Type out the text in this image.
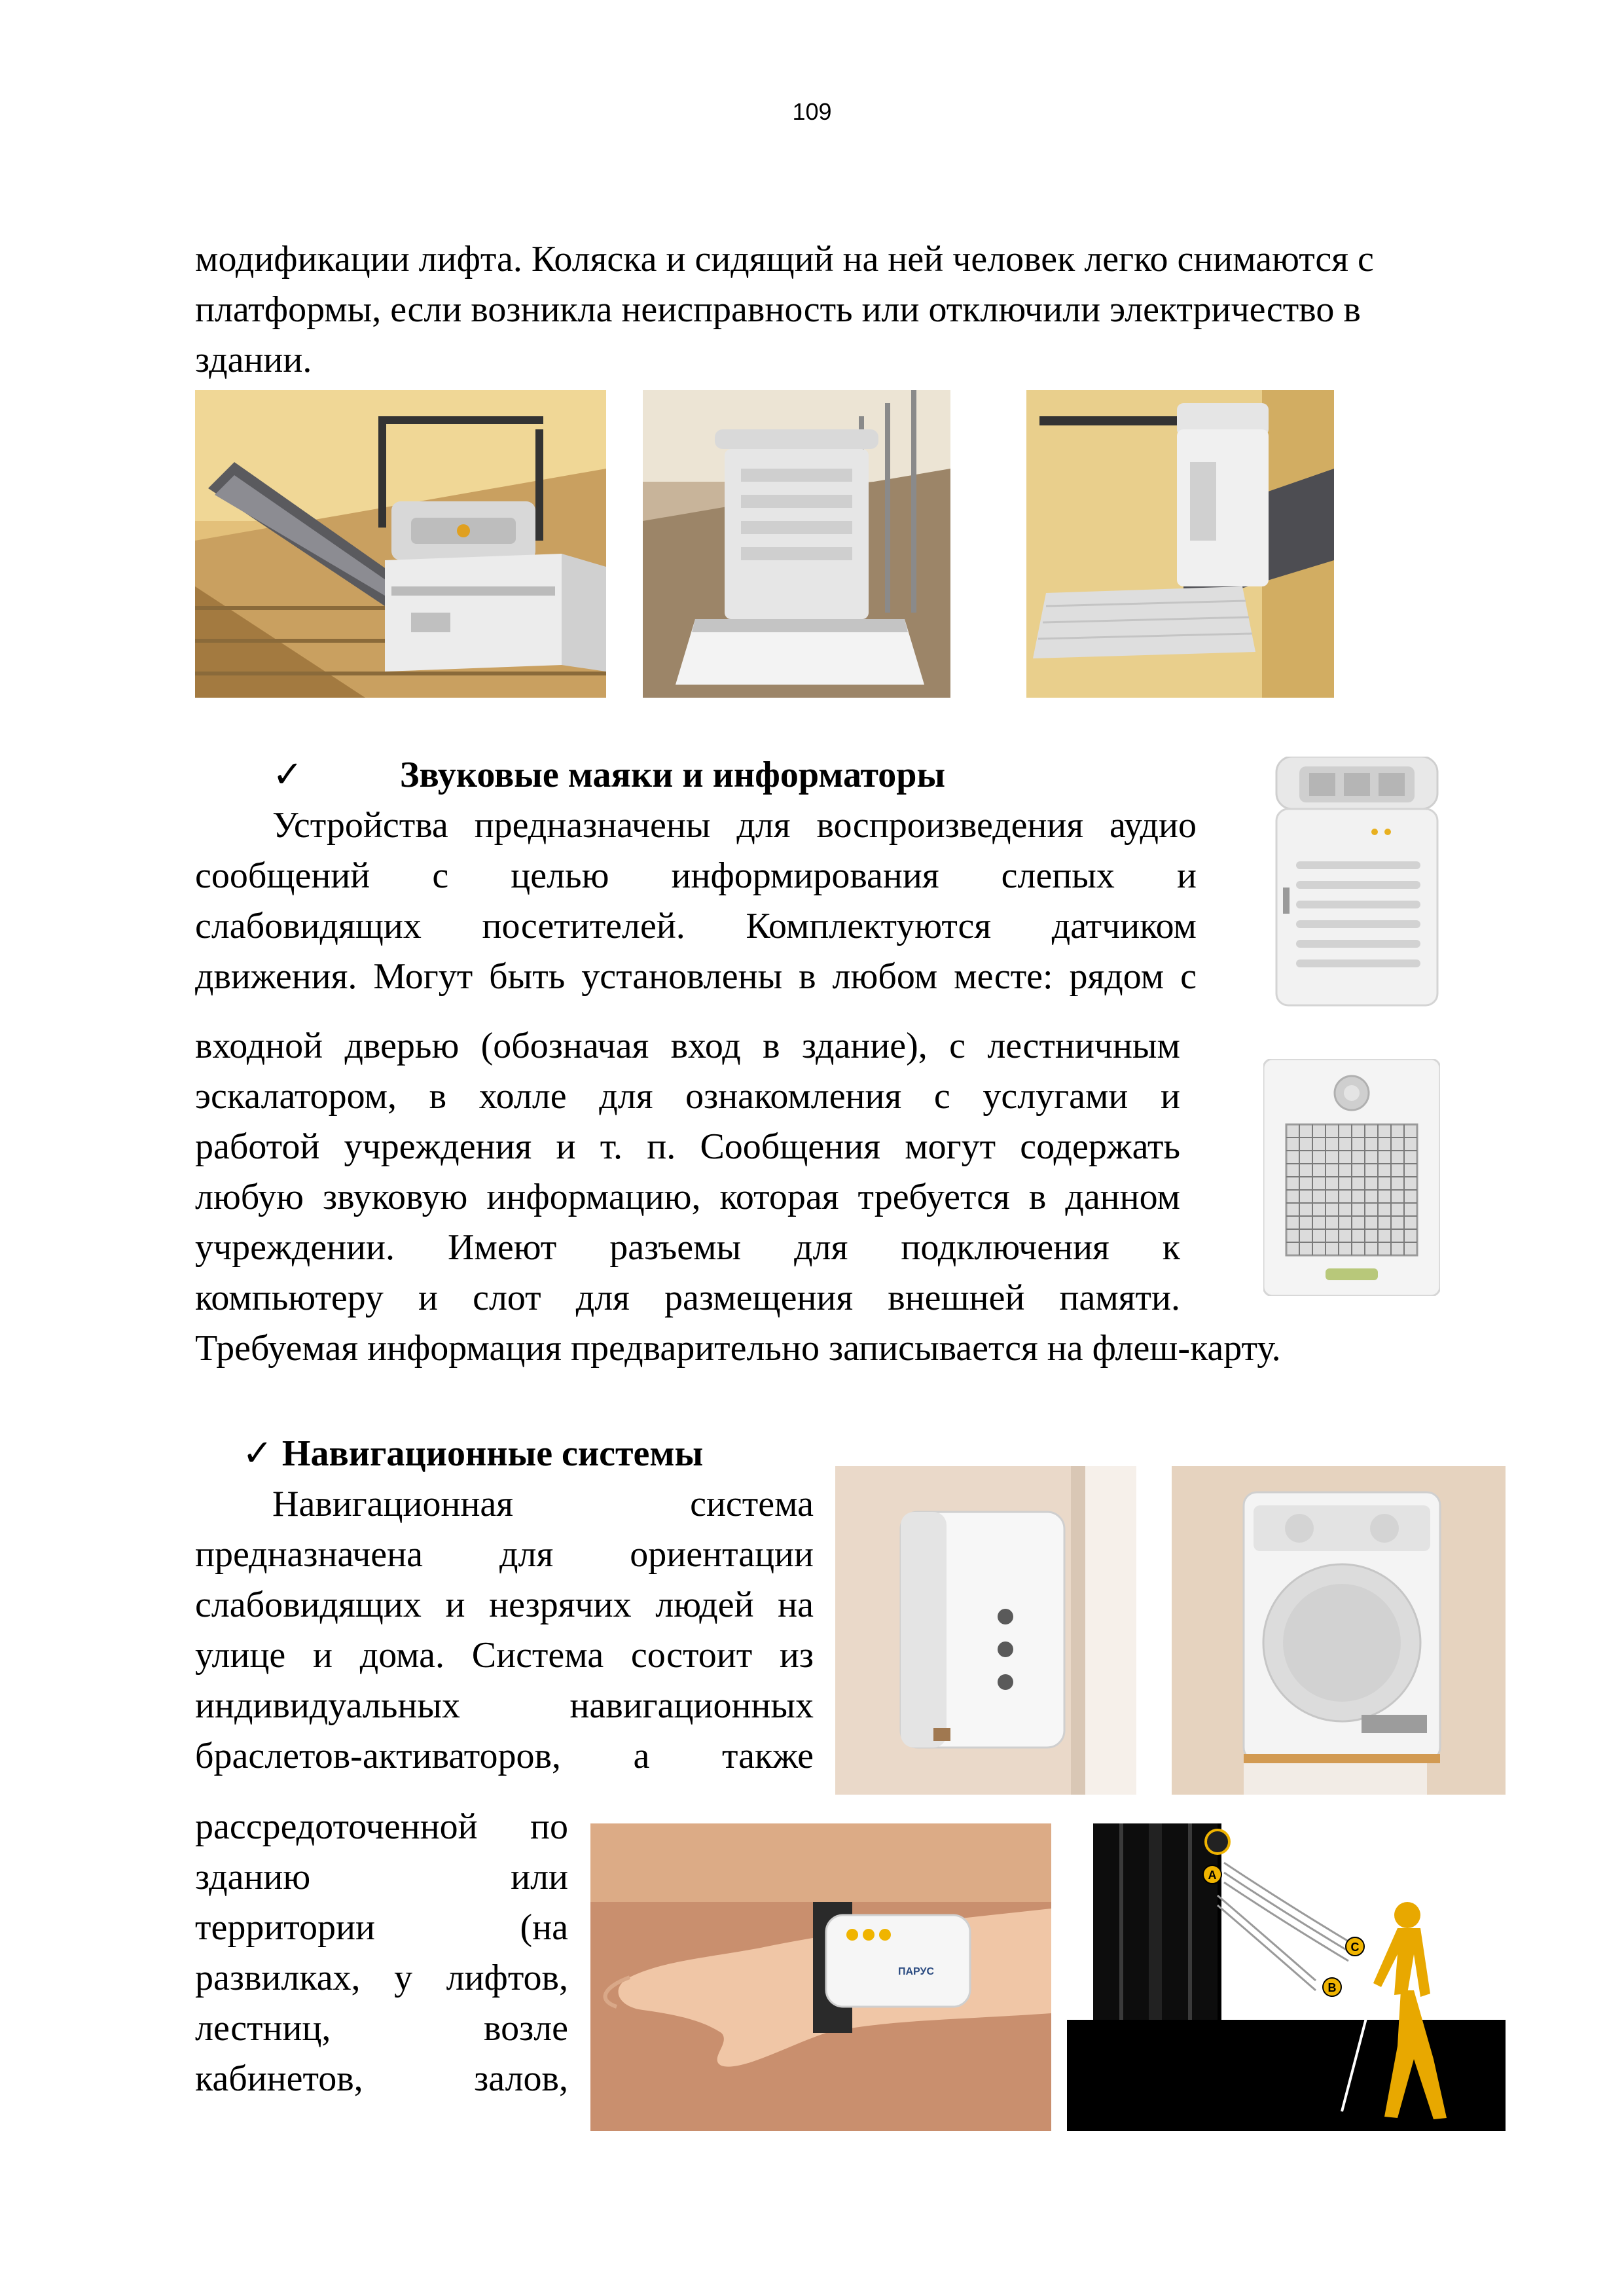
109
модификации лифта. Коляска и сидящий на ней человек легко снимаются с
платформы, если возникла неисправность или отключили электричество в
здании.
✓	Звуковые маяки и информаторы
Устройства предназначены для воспроизведения аудио
сообщений с целью информирования слепых и
слабовидящих посетителей. Комплектуются датчиком
движения. Могут быть установлены в любом месте: рядом с
входной дверью (обозначая вход в здание), с лестничным
эскалатором, в холле для ознакомления с услугами и
работой учреждения и т. п. Сообщения могут содержать
любую звуковую информацию, которая требуется в данном
учреждении. Имеют разъемы для подключения к
компьютеру и слот для размещения внешней памяти.
Требуемая информация предварительно записывается на флеш-карту.
✓ Навигационные системы
Навигационная система
предназначена для ориентации
слабовидящих и незрячих людей на
улице и дома. Система состоит из
индивидуальных навигационных
браслетов-активаторов, а также
рассредоточенной по
зданию или
территории (на
развилках, у лифтов,
лестниц, возле
кабинетов, залов,
ПАРУС
A
C
B
